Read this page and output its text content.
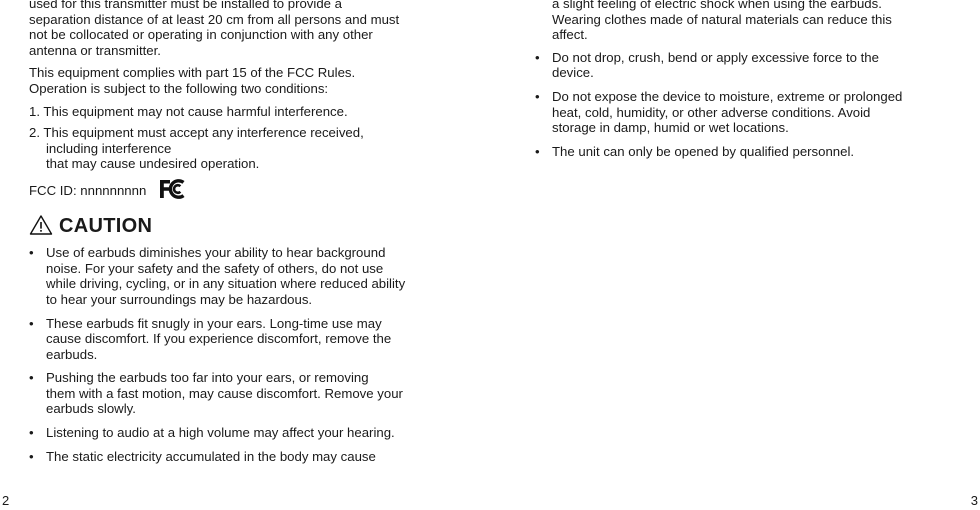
used for this transmitter must be installed to provide a
separation distance of at least 20 cm from all persons and must
not be collocated or operating in conjunction with any other
antenna or transmitter.

This equipment complies with part 15 of the FCC Rules.
Operation is subject to the following two conditions:

1. This equipment may not cause harmful interference.
2. This equipment must accept any interference received,
including interference
that may cause undesired operation.
FCC ID: nnnnnnnnn
CAUTION
• Use of earbuds diminishes your ability to hear background
noise. For your safety and the safety of others, do not use
while driving, cycling, or in any situation where reduced ability
to hear your surroundings may be hazardous.
• These earbuds fit snugly in your ears. Long-time use may
cause discomfort. If you experience discomfort, remove the
earbuds.
• Pushing the earbuds too far into your ears, or removing
them with a fast motion, may cause discomfort. Remove your
earbuds slowly.
• Listening to audio at a high volume may affect your hearing.
• The static electricity accumulated in the body may cause
2

a slight feeling of electric shock when using the earbuds.
Wearing clothes made of natural materials can reduce this
affect.

• Do not drop, crush, bend or apply excessive force to the
device.
• Do not expose the device to moisture, extreme or prolonged
heat, cold, humidity, or other adverse conditions. Avoid
storage in damp, humid or wet locations.
• The unit can only be opened by qualified personnel.
3
